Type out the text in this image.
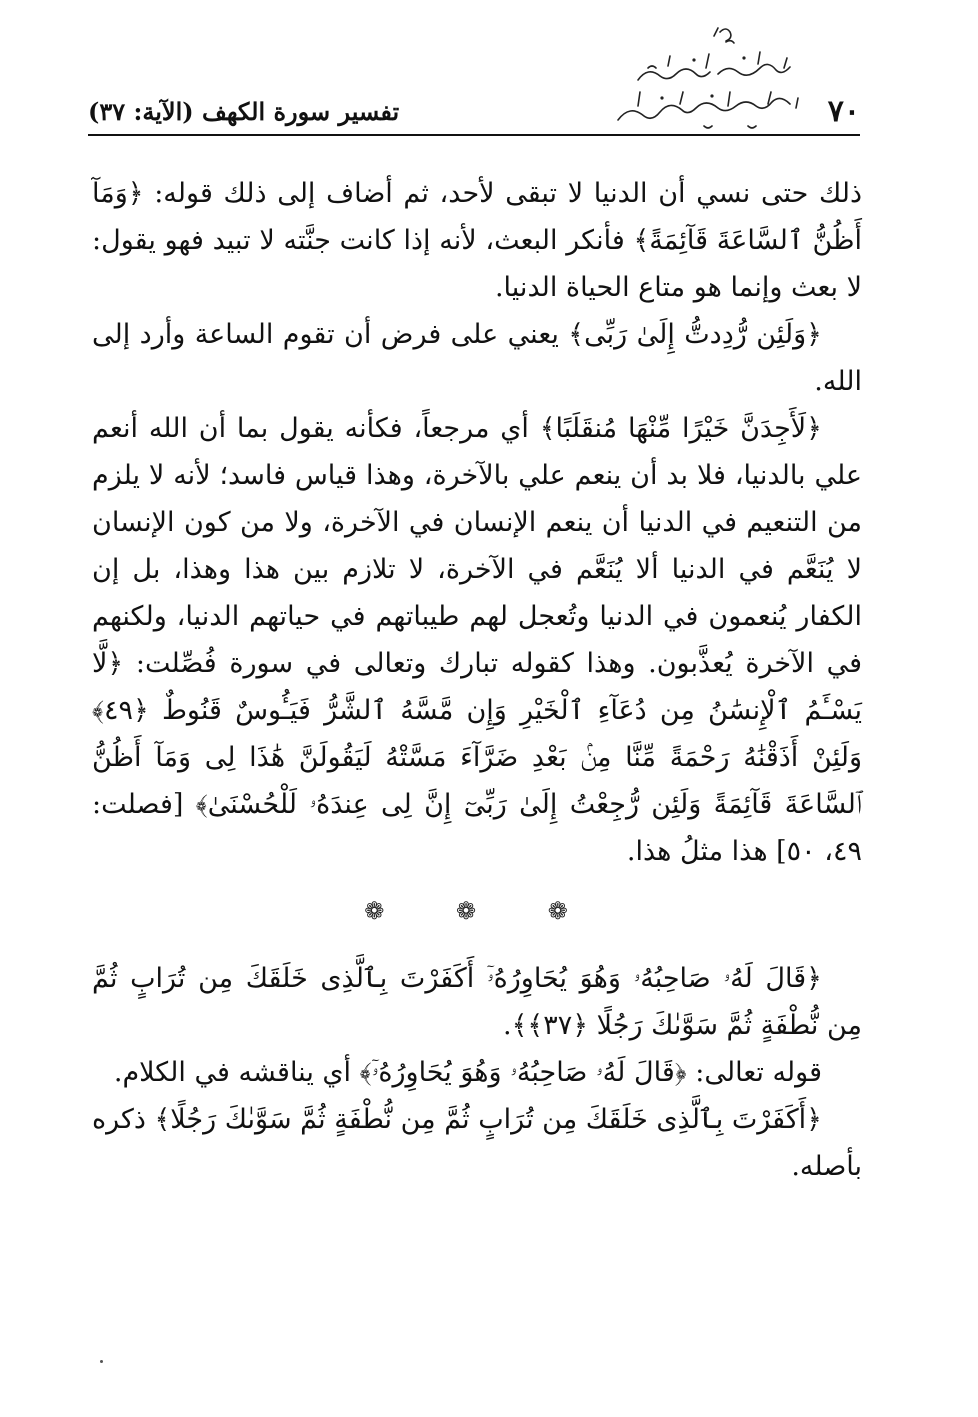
٧٠
تفسير سورة الكهف (الآية: ٣٧)

ذلك حتى نسي أن الدنيا لا تبقى لأحد، ثم أضاف إلى ذلك قوله: ﴿وَمَآ أَظُنُّ ٱلسَّاعَةَ قَآئِمَةً﴾ فأنكر البعث، لأنه إذا كانت جنَّته لا تبيد فهو يقول: لا بعث وإنما هو متاع الحياة الدنيا.

﴿وَلَئِن رُّدِدتُّ إِلَىٰ رَبِّى﴾ يعني على فرض أن تقوم الساعة وأرد إلى الله.

﴿لَأَجِدَنَّ خَيْرًا مِّنْهَا مُنقَلَبًا﴾ أي مرجعاً، فكأنه يقول بما أن الله أنعم علي بالدنيا، فلا بد أن ينعم علي بالآخرة، وهذا قياس فاسد؛ لأنه لا يلزم من التنعيم في الدنيا أن ينعم الإنسان في الآخرة، ولا من كون الإنسان لا يُنَعَّم في الدنيا ألا يُنَعَّم في الآخرة، لا تلازم بين هذا وهذا، بل إن الكفار يُنعمون في الدنيا وتُعجل لهم طيباتهم في حياتهم الدنيا، ولكنهم في الآخرة يُعذَّبون. وهذا كقوله تبارك وتعالى في سورة فُصِّلت: ﴿لَّا يَسْـَٔمُ ٱلْإِنسَٰنُ مِن دُعَآءِ ٱلْخَيْرِ وَإِن مَّسَّهُ ٱلشَّرُّ فَيَـُٔوسٌ قَنُوطٌ ﴿٤٩﴾ وَلَئِنْ أَذَقْنَٰهُ رَحْمَةً مِّنَّا مِنۢ بَعْدِ ضَرَّآءَ مَسَّتْهُ لَيَقُولَنَّ هَٰذَا لِى وَمَآ أَظُنُّ ٱلسَّاعَةَ قَآئِمَةً وَلَئِن رُّجِعْتُ إِلَىٰ رَبِّىٓ إِنَّ لِى عِندَهُۥ لَلْحُسْنَىٰ﴾ [فصلت: ٤٩، ٥٠] هذا مثلُ هذا.

❁ ❁ ❁

﴿قَالَ لَهُۥ صَاحِبُهُۥ وَهُوَ يُحَاوِرُهُۥٓ أَكَفَرْتَ بِٱلَّذِى خَلَقَكَ مِن تُرَابٍ ثُمَّ مِن نُّطْفَةٍ ثُمَّ سَوَّىٰكَ رَجُلًا ﴿٣٧﴾﴾.

قوله تعالى: ﴿قَالَ لَهُۥ صَاحِبُهُۥ وَهُوَ يُحَاوِرُهُۥٓ﴾ أي يناقشه في الكلام.

﴿أَكَفَرْتَ بِٱلَّذِى خَلَقَكَ مِن تُرَابٍ ثُمَّ مِن نُّطْفَةٍ ثُمَّ سَوَّىٰكَ رَجُلًا﴾ ذكره بأصله.
